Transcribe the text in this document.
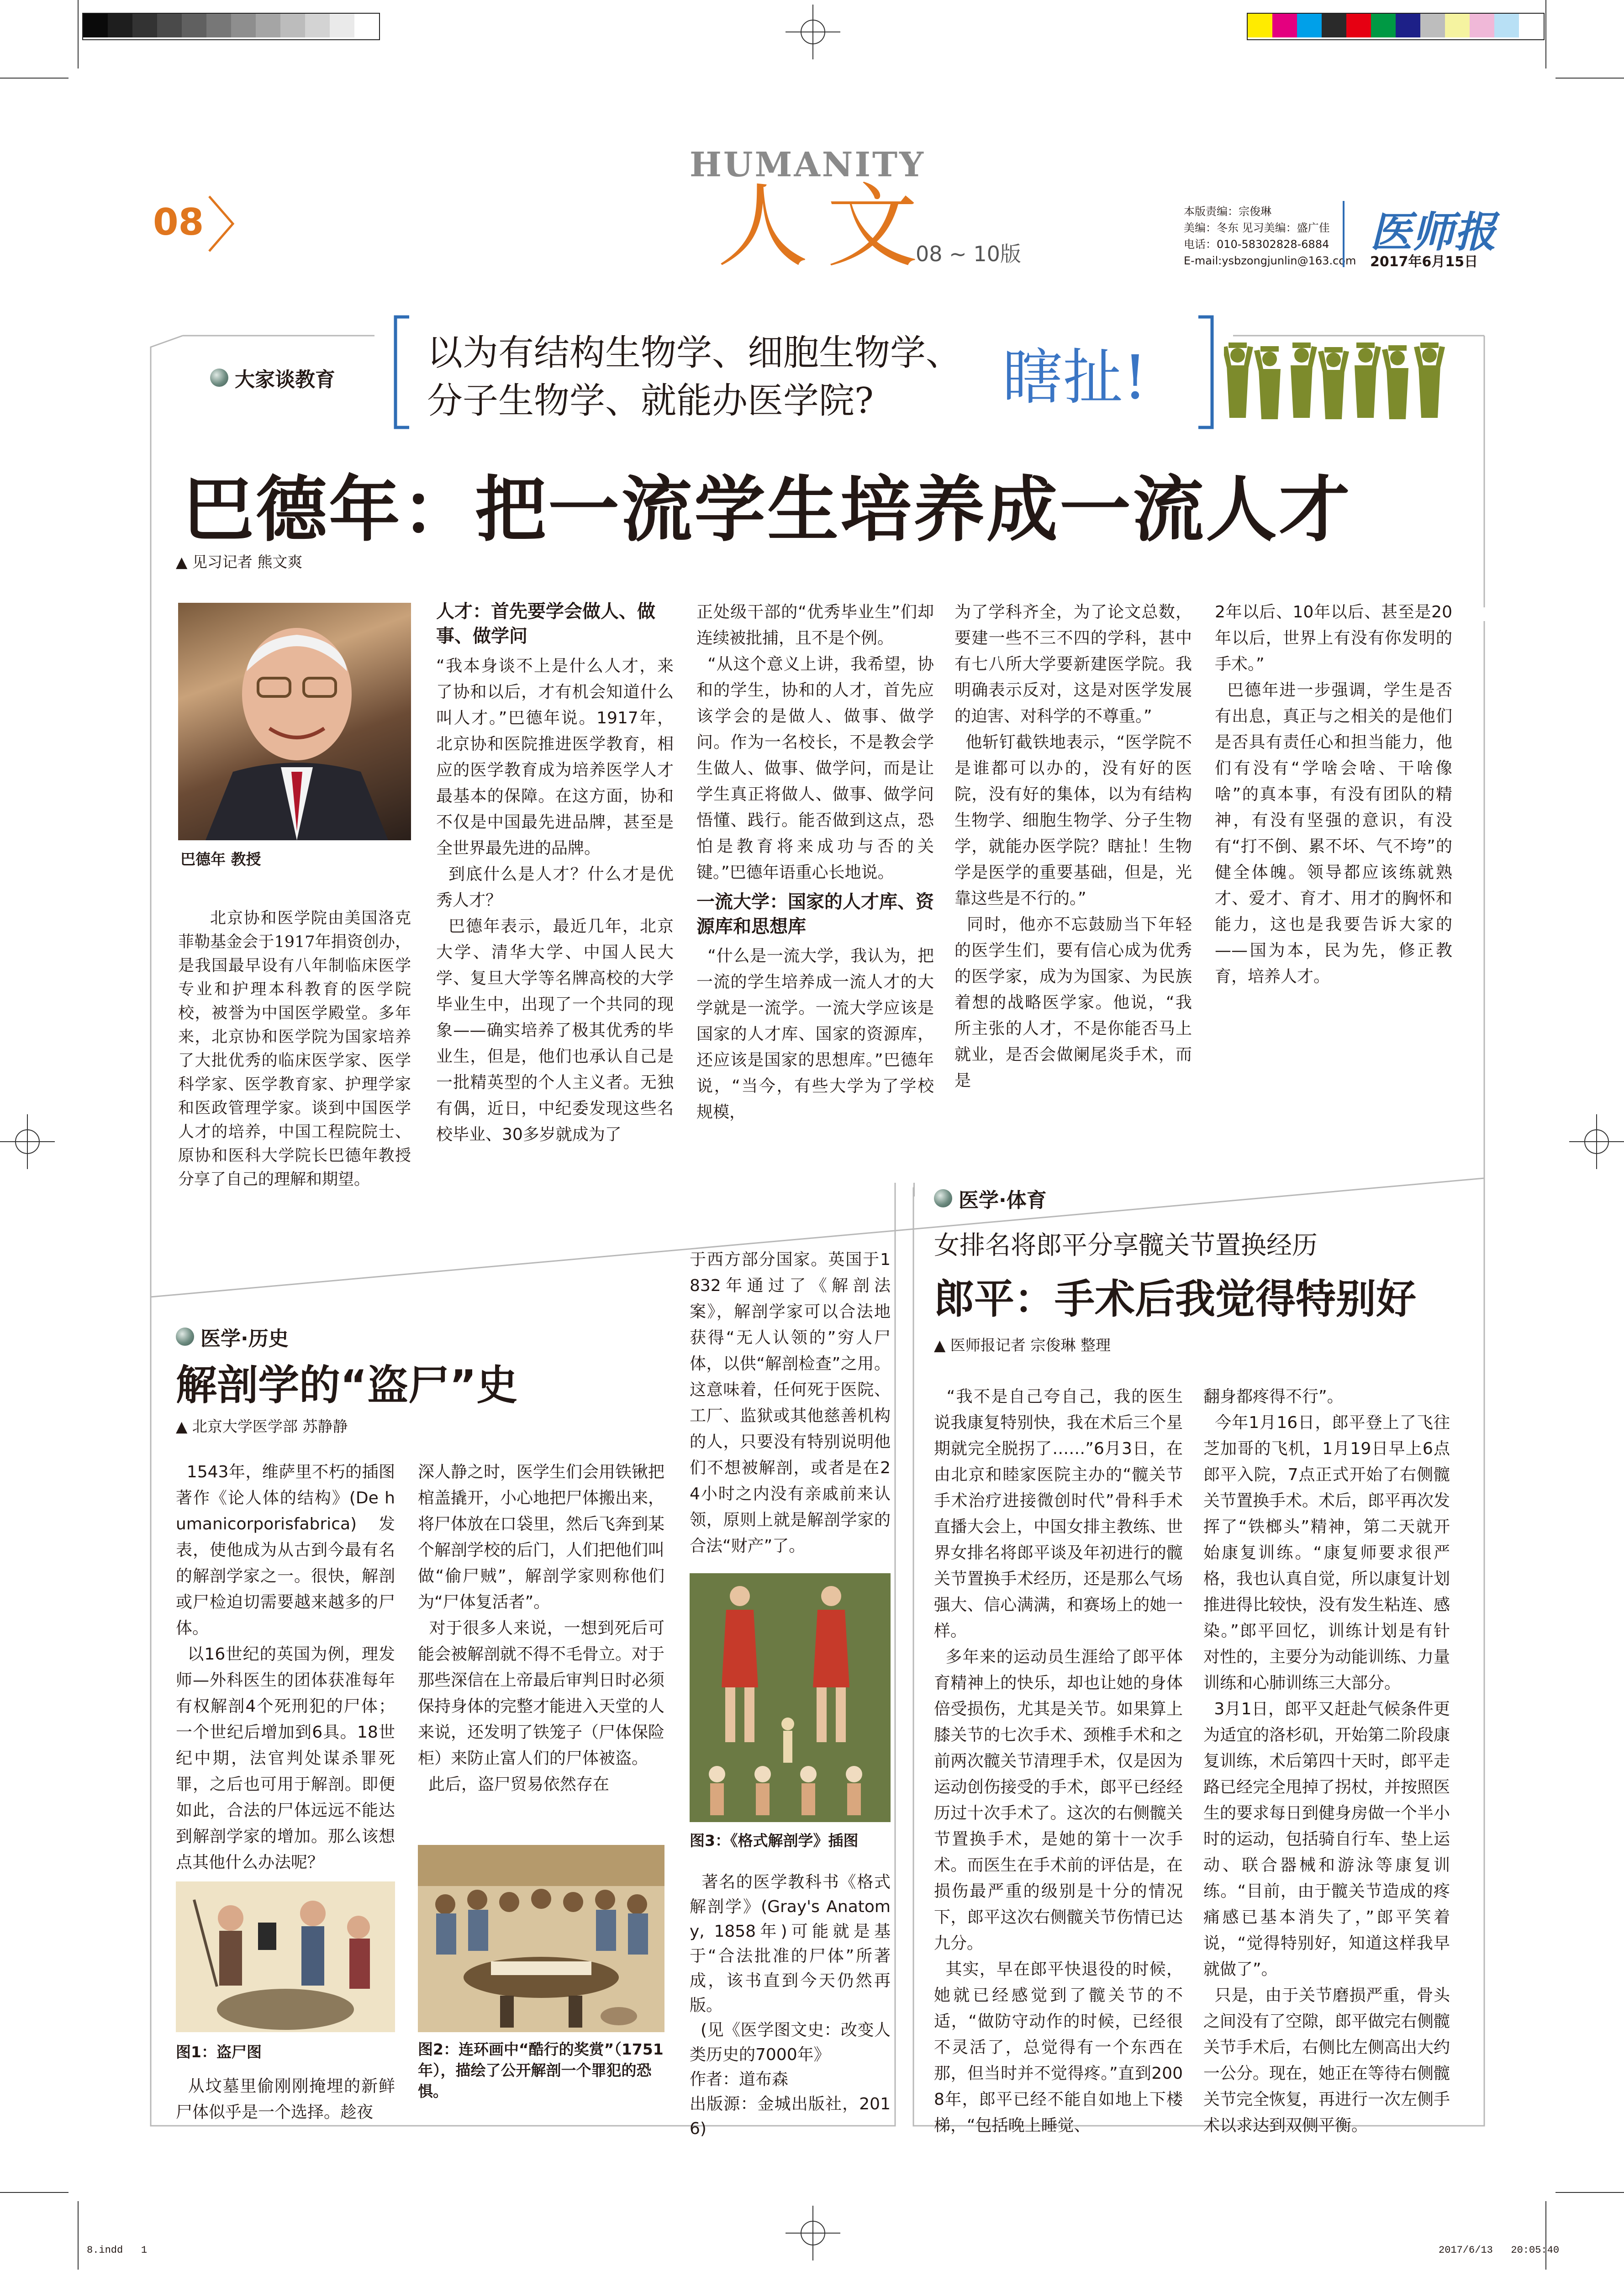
08
HUMANITY
人文
08 ~ 10版
本版责编：宗俊琳
美编：冬东 见习美编：盛广佳
电话：010-58302828-6884
E-mail:ysbzongjunlin@163.com
医师报
2017年6月15日
大家谈教育
以为有结构生物学、细胞生物学、
分子生物学、就能办医学院? 瞎扯!
巴德年：把一流学生培养成一流人才
▲ 见习记者 熊文爽
巴德年 教授
北京协和医学院由美国洛克菲勒基金会于1917年捐资创办，是我国最早设有八年制临床医学专业和护理本科教育的医学院校，被誉为中国医学殿堂。多年来，北京协和医学院为国家培养了大批优秀的临床医学家、医学科学家、医学教育家、护理学家和医政管理学家。谈到中国医学人才的培养，中国工程院院士、原协和医科大学院长巴德年教授分享了自己的理解和期望。
人才：首先要学会做人、做事、做学问
“我本身谈不上是什么人才，来了协和以后，才有机会知道什么叫人才。”巴德年说。1917年，北京协和医院推进医学教育，相应的医学教育成为培养医学人才最基本的保障。在这方面，协和不仅是中国最先进品牌，甚至是全世界最先进的品牌。
到底什么是人才？什么才是优秀人才？
巴德年表示，最近几年，北京大学、清华大学、中国人民大学、复旦大学等名牌高校的大学毕业生中，出现了一个共同的现象——确实培养了极其优秀的毕业生，但是，他们也承认自己是一批精英型的个人主义者。无独有偶，近日，中纪委发现这些名校毕业、30多岁就成为了
正处级干部的“优秀毕业生”们却连续被批捕，且不是个例。
“从这个意义上讲，我希望，协和的学生，协和的人才，首先应该学会的是做人、做事、做学问。作为一名校长，不是教会学生做人、做事、做学问，而是让学生真正将做人、做事、做学问悟懂、践行。能否做到这点，恐怕是教育将来成功与否的关键。”巴德年语重心长地说。
一流大学：国家的人才库、资源库和思想库
“什么是一流大学，我认为，把一流的学生培养成一流人才的大学就是一流学。一流大学应该是国家的人才库、国家的资源库，还应该是国家的思想库。”巴德年说，“当今，有些大学为了学校规模，
为了学科齐全，为了论文总数，要建一些不三不四的学科，甚中有七八所大学要新建医学院。我明确表示反对，这是对医学发展的迫害、对科学的不尊重。”
他斩钉截铁地表示，“医学院不是谁都可以办的，没有好的医院，没有好的集体，以为有结构生物学、细胞生物学、分子生物学，就能办医学院？瞎扯！生物学是医学的重要基础，但是，光靠这些是不行的。”
同时，他亦不忘鼓励当下年轻的医学生们，要有信心成为优秀的医学家，成为为国家、为民族着想的战略医学家。他说，“我所主张的人才，不是你能否马上就业，是否会做阑尾炎手术，而是
2年以后、10年以后、甚至是20年以后，世界上有没有你发明的手术。”
巴德年进一步强调，学生是否有出息，真正与之相关的是他们是否具有责任心和担当能力，他们有没有“学啥会啥、干啥像啥”的真本事，有没有团队的精神，有没有坚强的意识，有没有“打不倒、累不坏、气不垮”的健全体魄。领导都应该练就熟才、爱才、育才、用才的胸怀和能力，这也是我要告诉大家的——国为本，民为先，修正教育，培养人才。
医学·体育
女排名将郎平分享髋关节置换经历
郎平：手术后我觉得特别好
▲ 医师报记者 宗俊琳 整理
“我不是自己夸自己，我的医生说我康复特别快，我在术后三个星期就完全脱拐了……”6月3日，在由北京和睦家医院主办的“髋关节手术治疗进接微创时代”骨科手术直播大会上，中国女排主教练、世界女排名将郎平谈及年初进行的髋关节置换手术经历，还是那么气场强大、信心满满，和赛场上的她一样。
多年来的运动员生涯给了郎平体育精神上的快乐，却也让她的身体倍受损伤，尤其是关节。如果算上膝关节的七次手术、颈椎手术和之前两次髋关节清理手术，仅是因为运动创伤接受的手术，郎平已经经历过十次手术了。这次的右侧髋关节置换手术，是她的第十一次手术。而医生在手术前的评估是，在损伤最严重的级别是十分的情况下，郎平这次右侧髋关节伤情已达九分。
其实，早在郎平快退役的时候，她就已经感觉到了髋关节的不适，“做防守动作的时候，已经很不灵活了，总觉得有一个东西在那，但当时并不觉得疼。”直到2008年，郎平已经不能自如地上下楼梯，“包括晚上睡觉、
翻身都疼得不行”。
今年1月16日，郎平登上了飞往芝加哥的飞机，1月19日早上6点郎平入院，7点正式开始了右侧髋关节置换手术。术后，郎平再次发挥了“铁榔头”精神，第二天就开始康复训练。“康复师要求很严格，我也认真自觉，所以康复计划推进得比较快，没有发生粘连、感染。”郎平回忆，训练计划是有针对性的，主要分为动能训练、力量训练和心肺训练三大部分。
3月1日，郎平又赶赴气候条件更为适宜的洛杉矶，开始第二阶段康复训练，术后第四十天时，郎平走路已经完全甩掉了拐杖，并按照医生的要求每日到健身房做一个半小时的运动，包括骑自行车、垫上运动、联合器械和游泳等康复训练。“目前，由于髋关节造成的疼痛感已基本消失了，”郎平笑着说，“觉得特别好，知道这样我早就做了”。
只是，由于关节磨损严重，骨头之间没有了空隙，郎平做完右侧髋关节手术后，右侧比左侧高出大约一公分。现在，她正在等待右侧髋关节完全恢复，再进行一次左侧手术以求达到双侧平衡。
医学·历史
解剖学的“盗尸”史
▲ 北京大学医学部 苏静静
1543年，维萨里不朽的插图著作《论人体的结构》(De humanicorporisfabrica)发表，使他成为从古到今最有名的解剖学家之一。很快，解剖或尸检迫切需要越来越多的尸体。
以16世纪的英国为例，理发师—外科医生的团体获准每年有权解剖4个死刑犯的尸体；一个世纪后增加到6具。18世纪中期，法官判处谋杀罪死罪，之后也可用于解剖。即便如此，合法的尸体远远不能达到解剖学家的增加。那么该想点其他什么办法呢？
图1：盗尸图
从坟墓里偷刚刚掩埋的新鲜尸体似乎是一个选择。趁夜
深人静之时，医学生们会用铁锹把棺盖撬开，小心地把尸体搬出来，将尸体放在口袋里，然后飞奔到某个解剖学校的后门，人们把他们叫做“偷尸贼”，解剖学家则称他们为“尸体复活者”。
对于很多人来说，一想到死后可能会被解剖就不得不毛骨立。对于那些深信在上帝最后审判日时必须保持身体的完整才能进入天堂的人来说，还发明了铁笼子（尸体保险柜）来防止富人们的尸体被盗。
此后，盗尸贸易依然存在
图2：连环画中“酷行的奖赏”（1751年），描绘了公开解剖一个罪犯的恐惧。
于西方部分国家。英国于1832年通过了《解剖法案》，解剖学家可以合法地获得“无人认领的”穷人尸体，以供“解剖检查”之用。这意味着，任何死于医院、工厂、监狱或其他慈善机构的人，只要没有特别说明他们不想被解剖，或者是在24小时之内没有亲戚前来认领，原则上就是解剖学家的合法“财产”了。
图3：《格式解剖学》插图
著名的医学教科书《格式解剖学》(Gray's Anatomy, 1858年)可能就是基于“合法批准的尸体”所著成，该书直到今天仍然再版。
(见《医学图文史：改变人类历史的7000年》
作者：道布森
出版源：金城出版社，2016)
8.indd   1	2017/6/13   20:05:40
